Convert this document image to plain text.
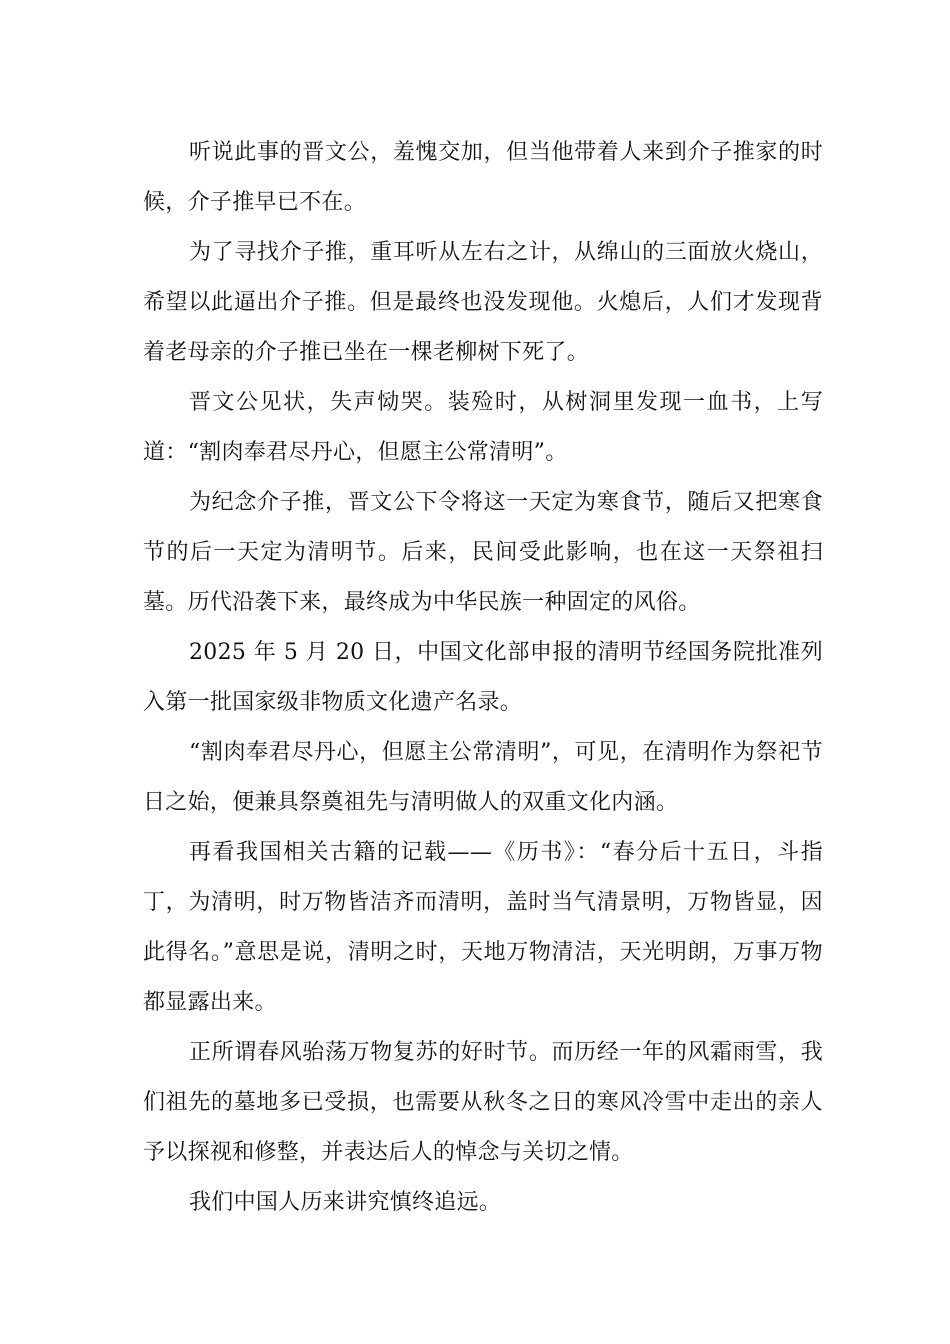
听说此事的晋文公，羞愧交加，但当他带着人来到介子推家的时候，介子推早已不在。

为了寻找介子推，重耳听从左右之计，从绵山的三面放火烧山，希望以此逼出介子推。但是最终也没发现他。火熄后，人们才发现背着老母亲的介子推已坐在一棵老柳树下死了。

晋文公见状，失声恸哭。装殓时，从树洞里发现一血书，上写道：“割肉奉君尽丹心，但愿主公常清明”。

为纪念介子推，晋文公下令将这一天定为寒食节，随后又把寒食节的后一天定为清明节。后来，民间受此影响，也在这一天祭祖扫墓。历代沿袭下来，最终成为中华民族一种固定的风俗。

2025 年 5 月 20 日，中国文化部申报的清明节经国务院批准列入第一批国家级非物质文化遗产名录。

“割肉奉君尽丹心，但愿主公常清明”，可见，在清明作为祭祀节日之始，便兼具祭奠祖先与清明做人的双重文化内涵。

再看我国相关古籍的记载——《历书》：“春分后十五日，斗指丁，为清明，时万物皆洁齐而清明，盖时当气清景明，万物皆显，因此得名。”意思是说，清明之时，天地万物清洁，天光明朗，万事万物都显露出来。

正所谓春风骀荡万物复苏的好时节。而历经一年的风霜雨雪，我们祖先的墓地多已受损，也需要从秋冬之日的寒风冷雪中走出的亲人予以探视和修整，并表达后人的悼念与关切之情。

我们中国人历来讲究慎终追远。
